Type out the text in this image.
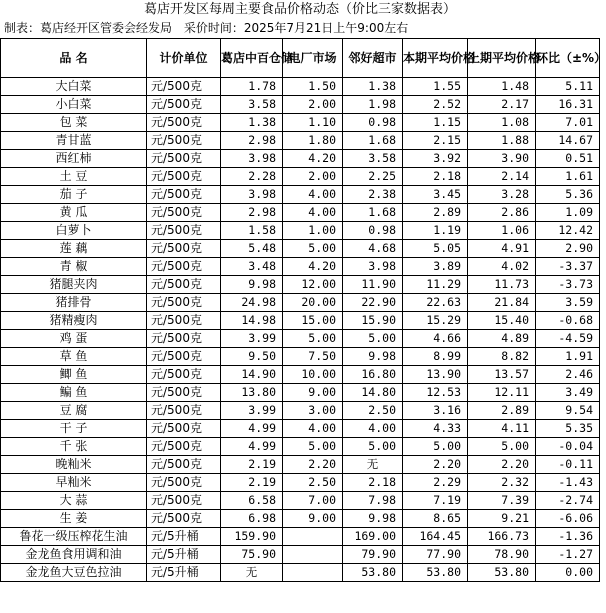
葛店开发区每周主要食品价格动态（价比三家数据表）
制表：葛店经开区管委会经发局 采价时间：2025年7月21日上午9:00左右
品 名	计价单位	葛店中百仓储	电厂市场	邻好超市	本期平均价格	上期平均价格	环比（±%）
大白菜	元/500克	1.78	1.50	1.38	1.55	1.48	5.11
小白菜	元/500克	3.58	2.00	1.98	2.52	2.17	16.31
包 菜	元/500克	1.38	1.10	0.98	1.15	1.08	7.01
青甘蓝	元/500克	2.98	1.80	1.68	2.15	1.88	14.67
西红柿	元/500克	3.98	4.20	3.58	3.92	3.90	0.51
土 豆	元/500克	2.28	2.00	2.25	2.18	2.14	1.61
茄 子	元/500克	3.98	4.00	2.38	3.45	3.28	5.36
黄 瓜	元/500克	2.98	4.00	1.68	2.89	2.86	1.09
白萝卜	元/500克	1.58	1.00	0.98	1.19	1.06	12.42
莲 藕	元/500克	5.48	5.00	4.68	5.05	4.91	2.90
青 椒	元/500克	3.48	4.20	3.98	3.89	4.02	-3.37
猪腿夹肉	元/500克	9.98	12.00	11.90	11.29	11.73	-3.73
猪排骨	元/500克	24.98	20.00	22.90	22.63	21.84	3.59
猪精瘦肉	元/500克	14.98	15.00	15.90	15.29	15.40	-0.68
鸡 蛋	元/500克	3.99	5.00	5.00	4.66	4.89	-4.59
草 鱼	元/500克	9.50	7.50	9.98	8.99	8.82	1.91
鲫 鱼	元/500克	14.90	10.00	16.80	13.90	13.57	2.46
鳊 鱼	元/500克	13.80	9.00	14.80	12.53	12.11	3.49
豆 腐	元/500克	3.99	3.00	2.50	3.16	2.89	9.54
干 子	元/500克	4.99	4.00	4.00	4.33	4.11	5.35
千 张	元/500克	4.99	5.00	5.00	5.00	5.00	-0.04
晚籼米	元/500克	2.19	2.20	无	2.20	2.20	-0.11
早籼米	元/500克	2.19	2.50	2.18	2.29	2.32	-1.43
大 蒜	元/500克	6.58	7.00	7.98	7.19	7.39	-2.74
生 姜	元/500克	6.98	9.00	9.98	8.65	9.21	-6.06
鲁花一级压榨花生油	元/5升桶	159.90		169.00	164.45	166.73	-1.36
金龙鱼食用调和油	元/5升桶	75.90		79.90	77.90	78.90	-1.27
金龙鱼大豆色拉油	元/5升桶	无		53.80	53.80	53.80	0.00
